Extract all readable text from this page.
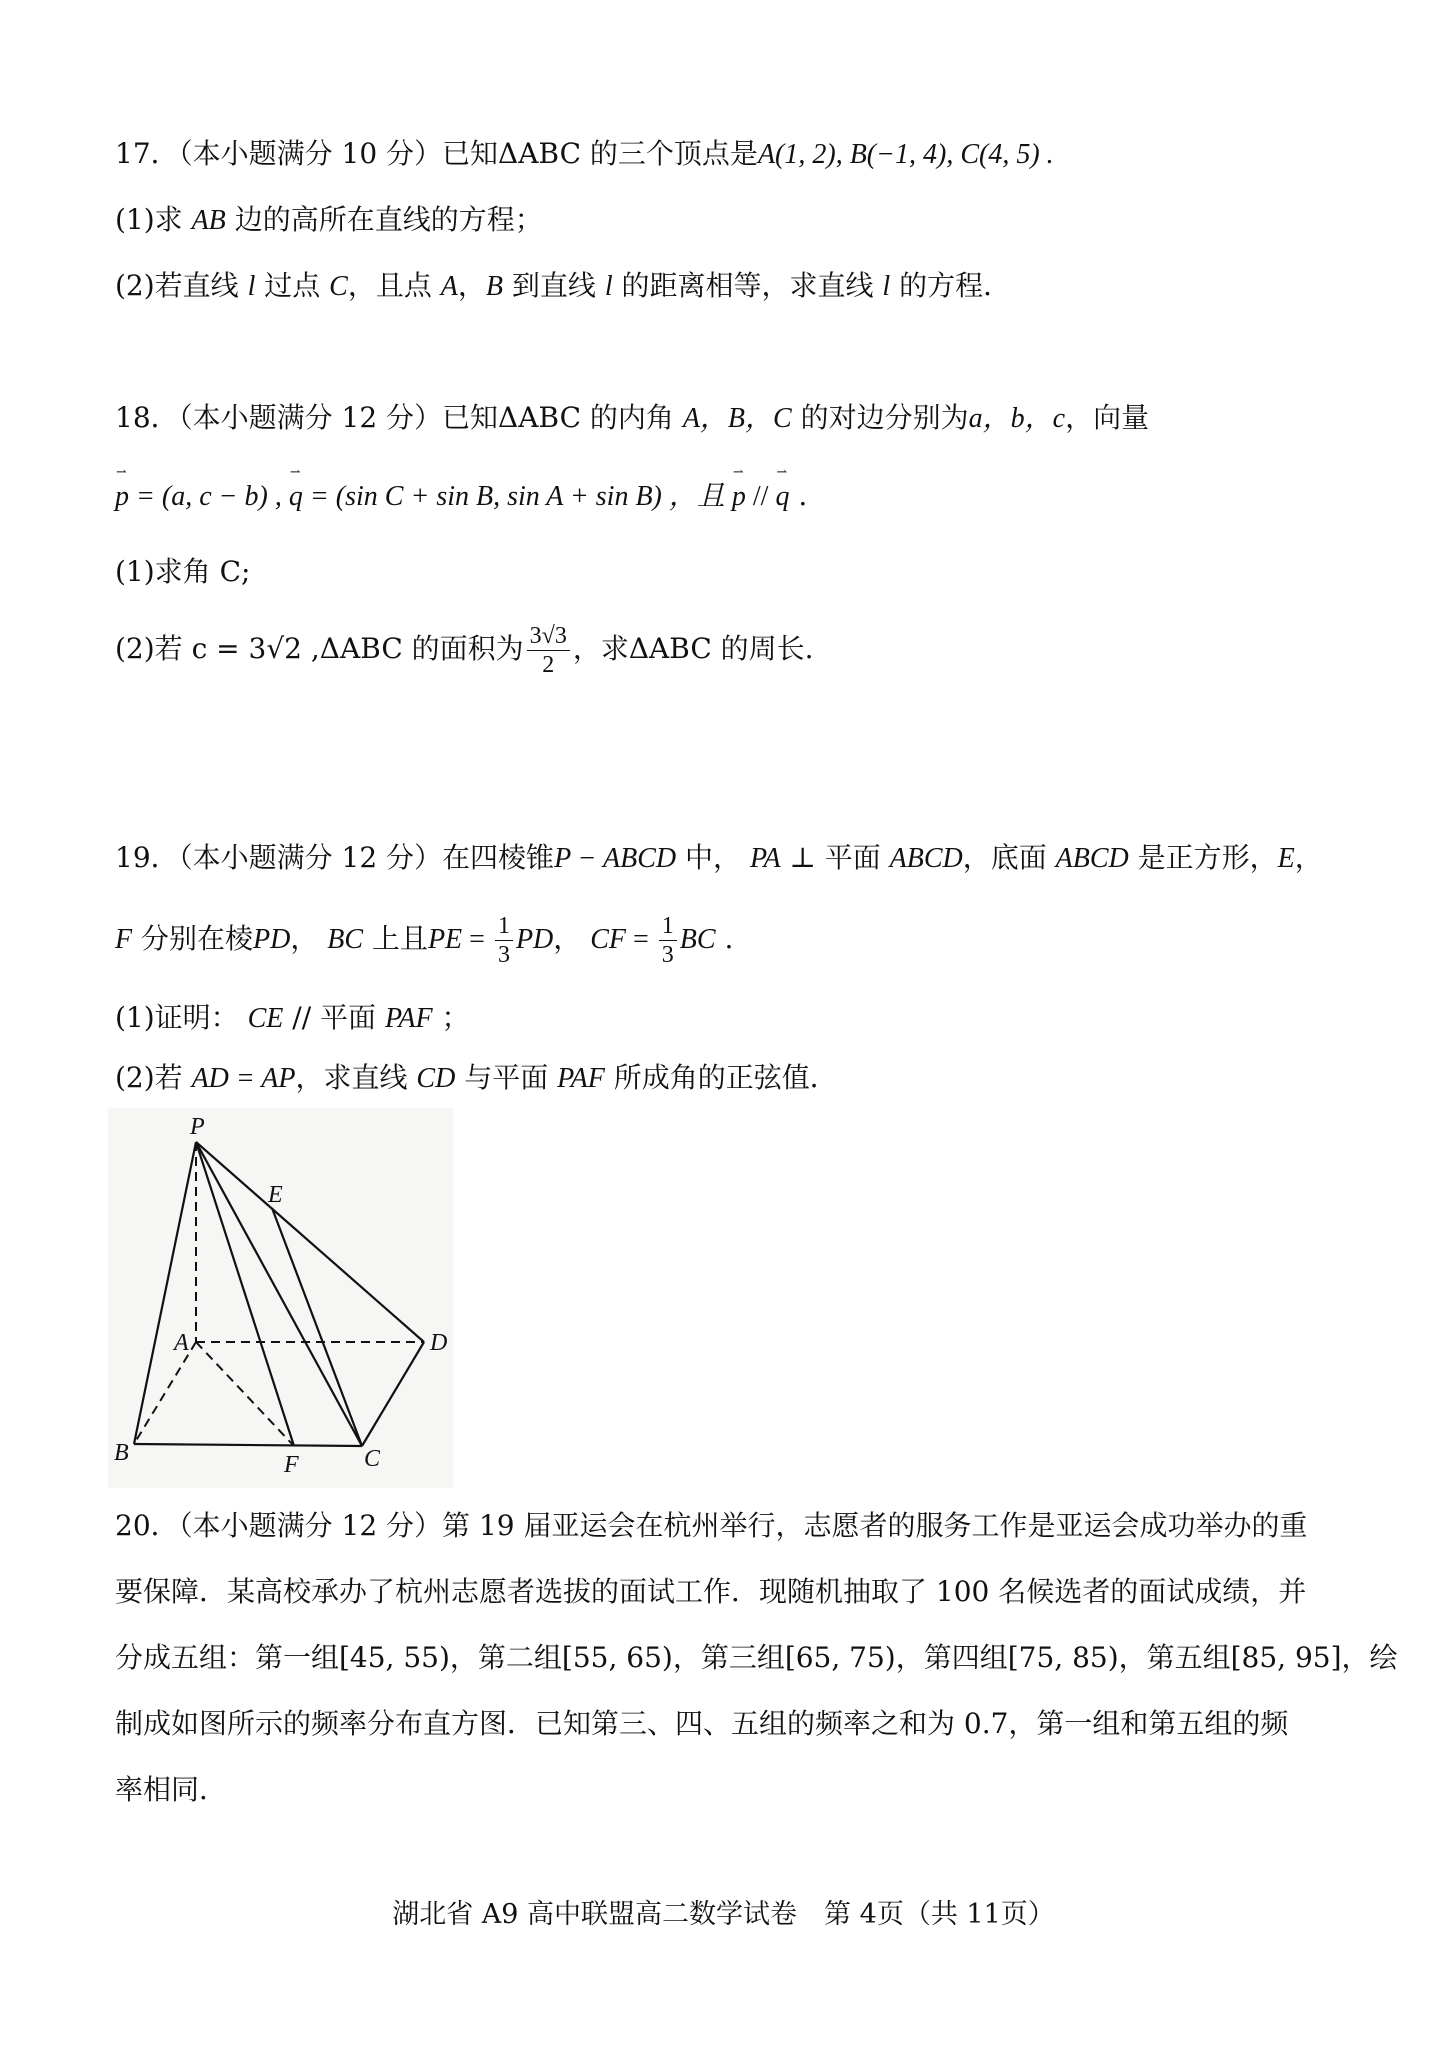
17．（本小题满分 10 分）已知ΔABC 的三个顶点是A(1, 2), B(−1, 4), C(4, 5) .
(1)求 AB 边的高所在直线的方程；
(2)若直线 l 过点 C，且点 A，B 到直线 l 的距离相等，求直线 l 的方程．
18．（本小题满分 12 分）已知ΔABC 的内角 A，B，C 的对边分别为a，b，c，向量
⇀
p = (a, c − b) ,
⇀
q = (sin C + sin B, sin A + sin B) ，且
⇀
p //
⇀
q .
(1)求角 C;
(2)若 c = 3√2 ,ΔABC 的面积为 $\frac{3√3}{2}$ ，求ΔABC 的周长.
19．（本小题满分 12 分）在四棱锥P − ABCD 中， PA ⊥ 平面 ABCD，底面 ABCD 是正方形，E，
F 分别在棱PD， BC 上且PE = $\frac{1}{3}$ PD， CF = $\frac{1}{3}$ BC .
(1)证明： CE // 平面 PAF ；
(2)若 AD = AP，求直线 CD 与平面 PAF 所成角的正弦值．
P
E
A	D
B	F	C
20．（本小题满分 12 分）第 19 届亚运会在杭州举行，志愿者的服务工作是亚运会成功举办的重
要保障．某高校承办了杭州志愿者选拔的面试工作．现随机抽取了 100 名候选者的面试成绩，并
分成五组：第一组[45, 55)，第二组[55, 65)，第三组[65, 75)，第四组[75, 85)，第五组[85, 95]，绘
制成如图所示的频率分布直方图．已知第三、四、五组的频率之和为 0.7，第一组和第五组的频
率相同．
湖北省 A9 高中联盟高二数学试卷　第 4页（共 11页）
